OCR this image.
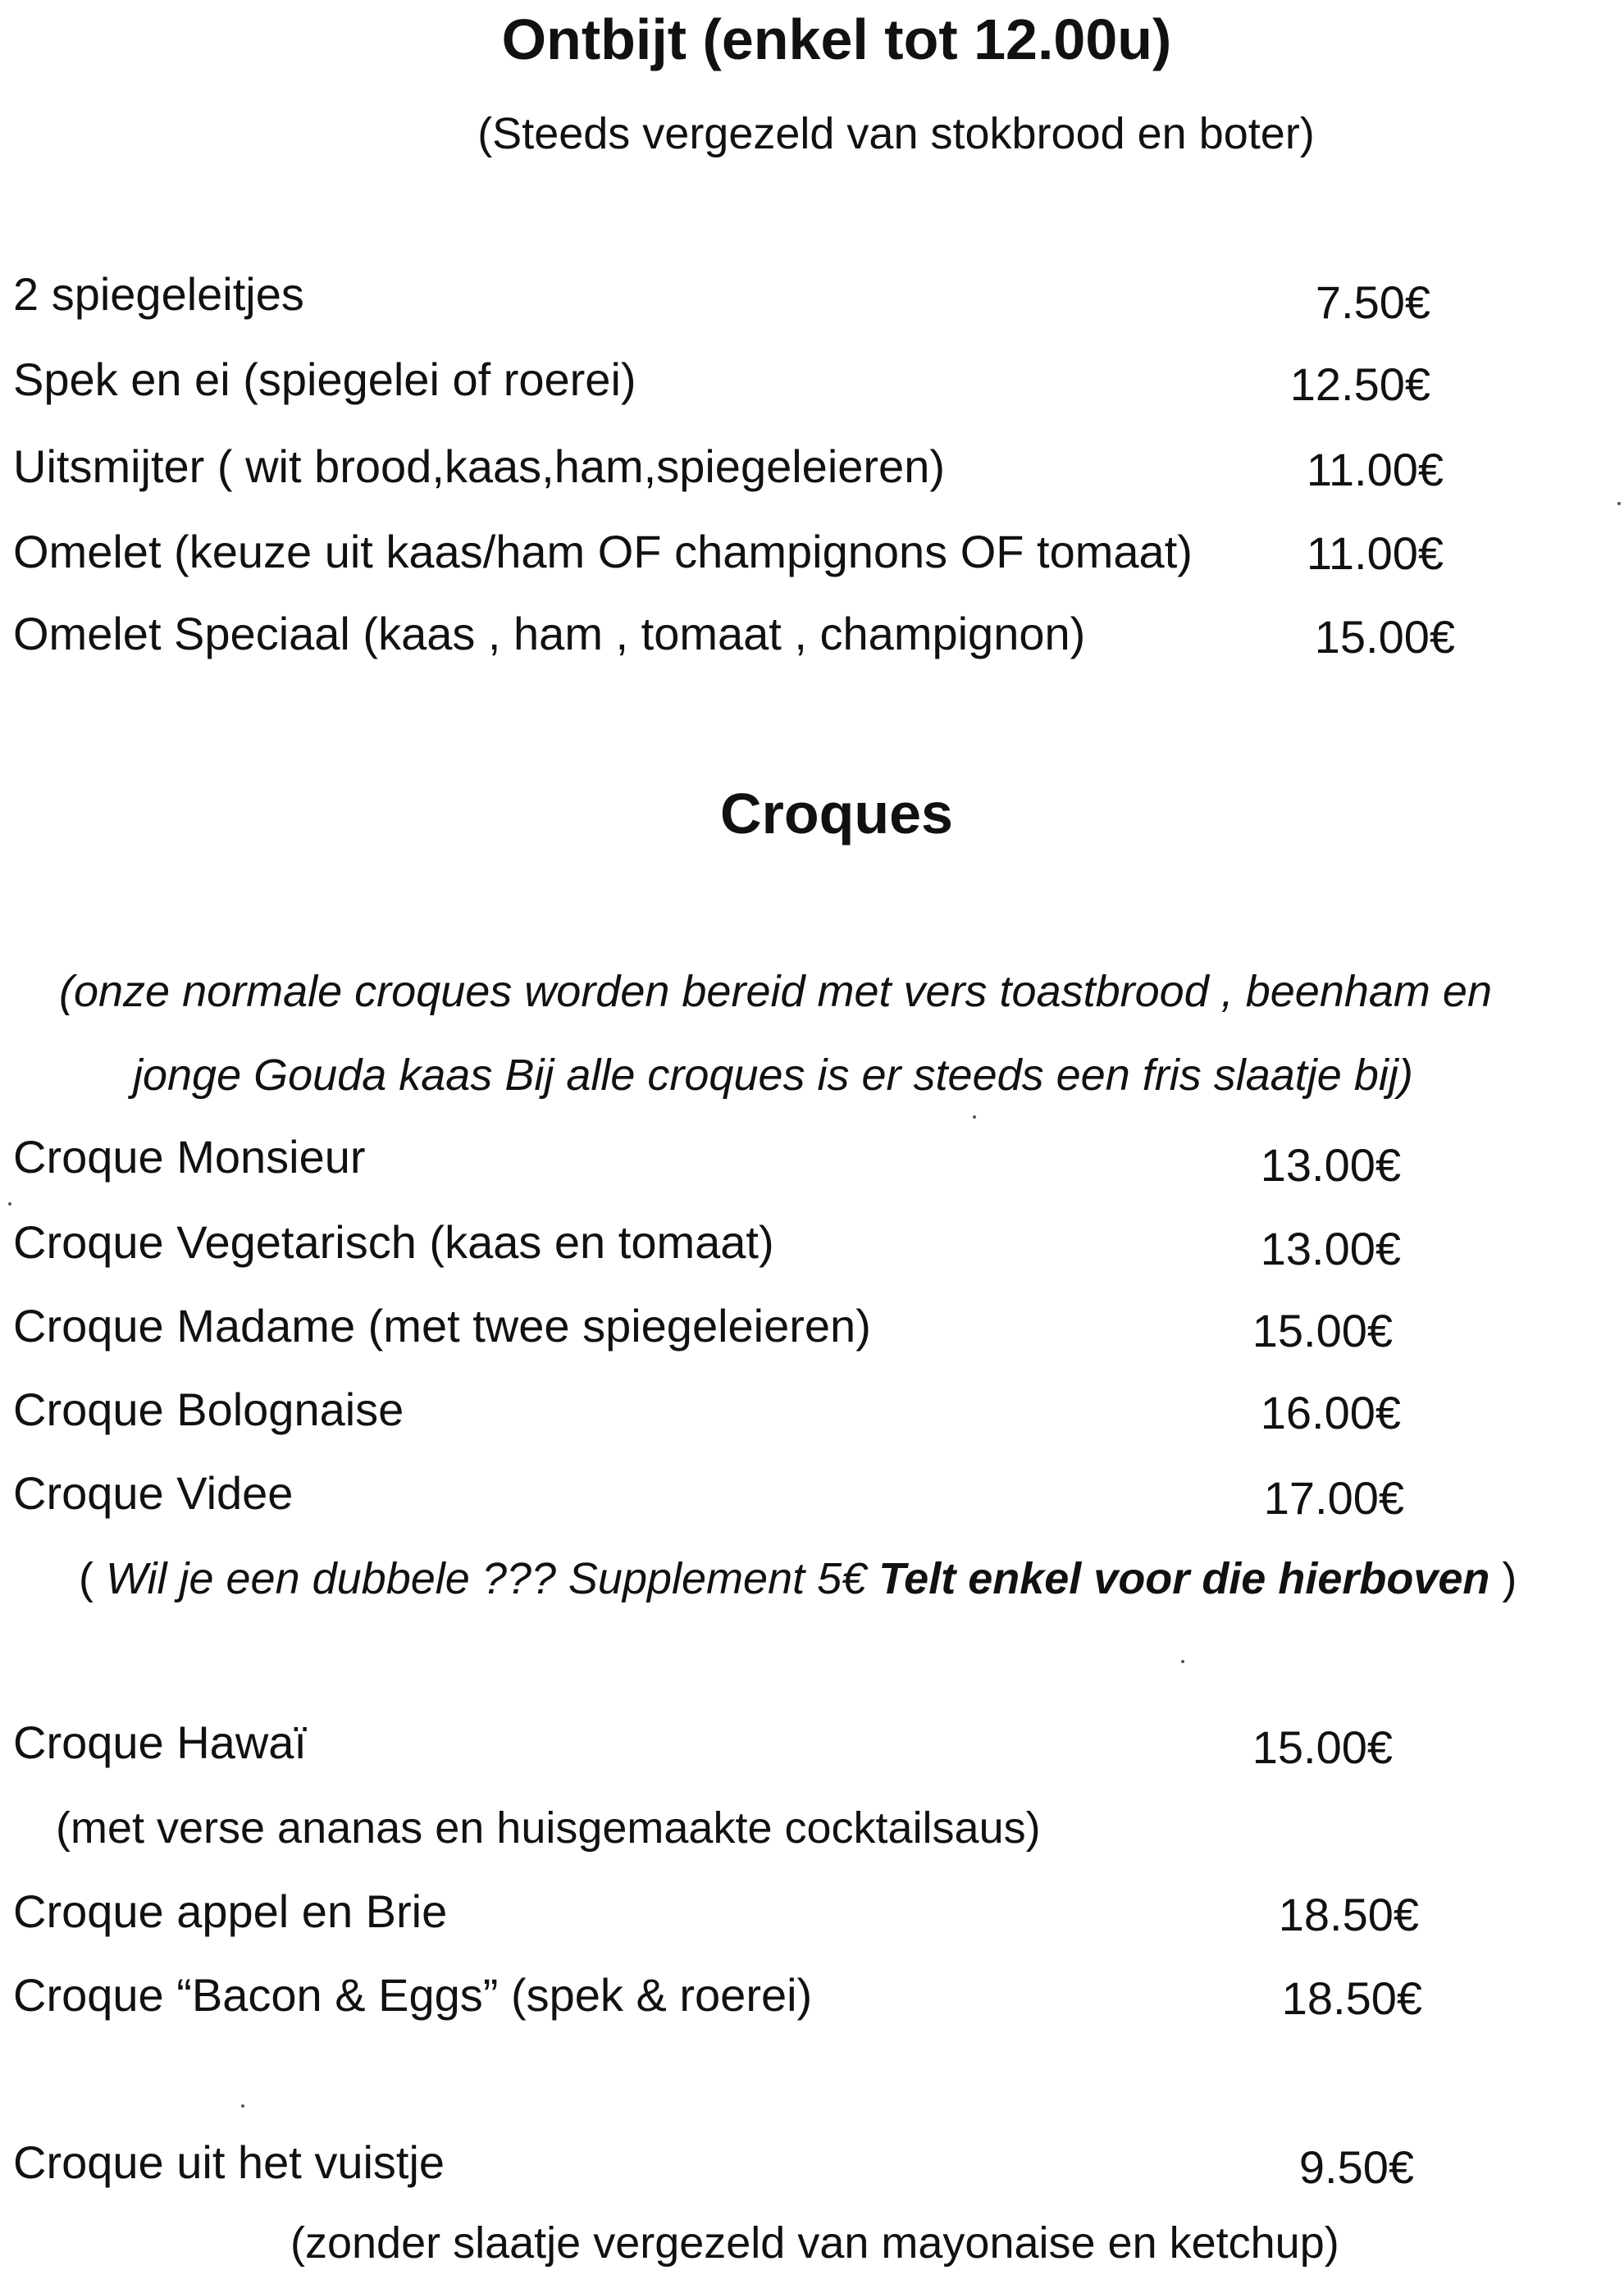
Ontbijt (enkel tot 12.00u)
(Steeds vergezeld van stokbrood en boter)
2 spiegeleitjes	7.50€
Spek en ei (spiegelei of roerei)	12.50€
Uitsmijter ( wit brood,kaas,ham,spiegeleieren)	11.00€
Omelet (keuze uit kaas/ham OF champignons OF tomaat) 11.00€
Omelet Speciaal (kaas , ham , tomaat , champignon)	15.00€
Croques
(onze normale croques worden bereid met vers toastbrood , beenham en
jonge Gouda kaas Bij alle croques is er steeds een fris slaatje bij)
Croque Monsieur	13.00€
Croque Vegetarisch (kaas en tomaat)	13.00€
Croque Madame (met twee spiegeleieren)	15.00€
Croque Bolognaise	16.00€
Croque Videe	17.00€
( Wil je een dubbele ??? Supplement 5€ Telt enkel voor die hierboven )
Croque Hawaï	15.00€
(met verse ananas en huisgemaakte cocktailsaus)
Croque appel en Brie	18.50€
Croque “Bacon & Eggs” (spek & roerei)	18.50€
Croque uit het vuistje	9.50€
(zonder slaatje vergezeld van mayonaise en ketchup)
